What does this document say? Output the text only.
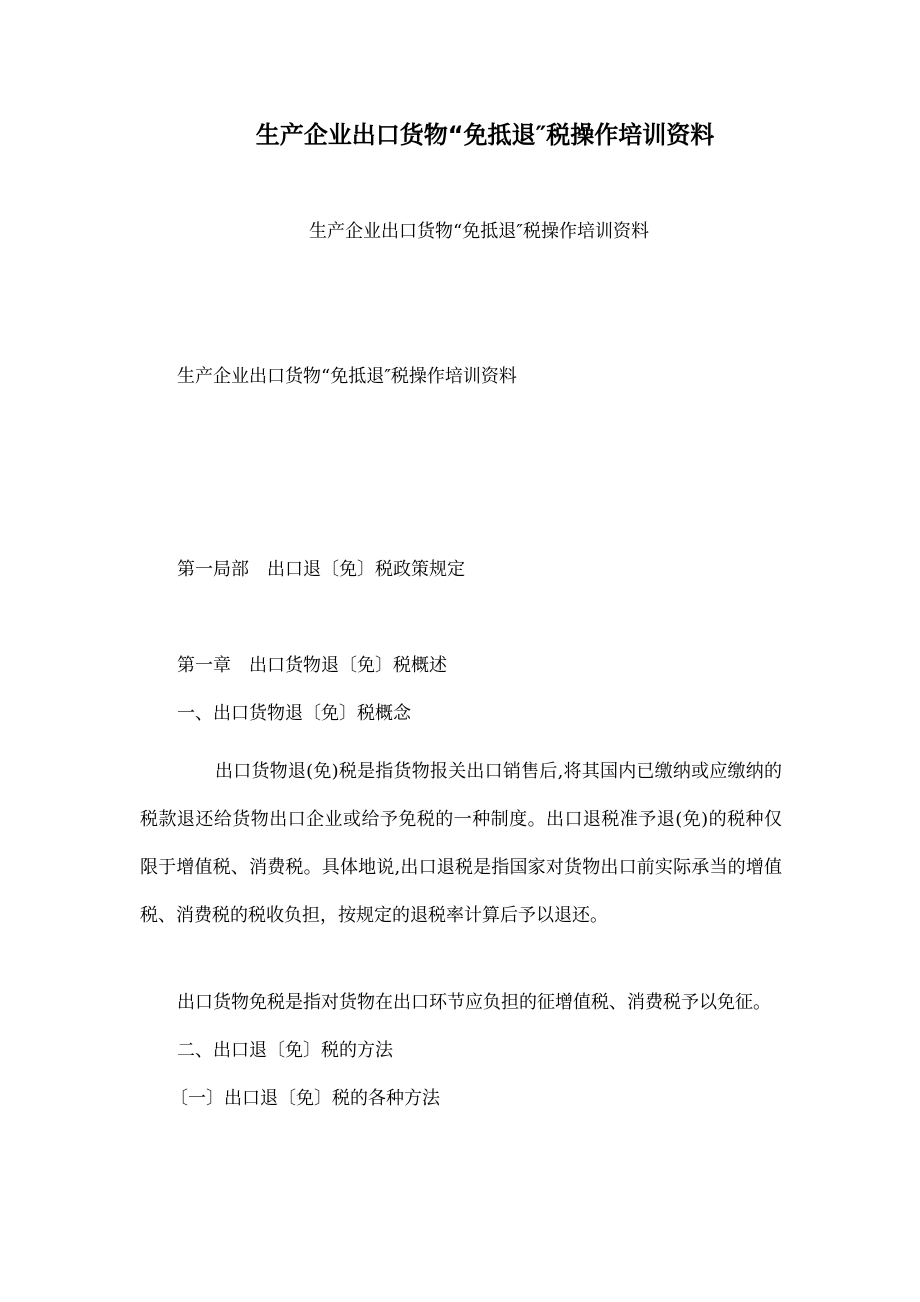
生产企业出口货物“免抵退″税操作培训资料
生产企业出口货物“免抵退″税操作培训资料
生产企业出口货物“免抵退″税操作培训资料
第一局部　出口退〔免〕税政策规定
第一章　出口货物退〔免〕税概述
一、出口货物退〔免〕税概念
出口货物退(免)税是指货物报关出口销售后,将其国内已缴纳或应缴纳的税款退还给货物出口企业或给予免税的一种制度。出口退税准予退(免)的税种仅限于增值税、消费税。具体地说,出口退税是指国家对货物出口前实际承当的增值税、消费税的税收负担，按规定的退税率计算后予以退还。
出口货物免税是指对货物在出口环节应负担的征增值税、消费税予以免征。
二、出口退〔免〕税的方法
〔一〕出口退〔免〕税的各种方法
